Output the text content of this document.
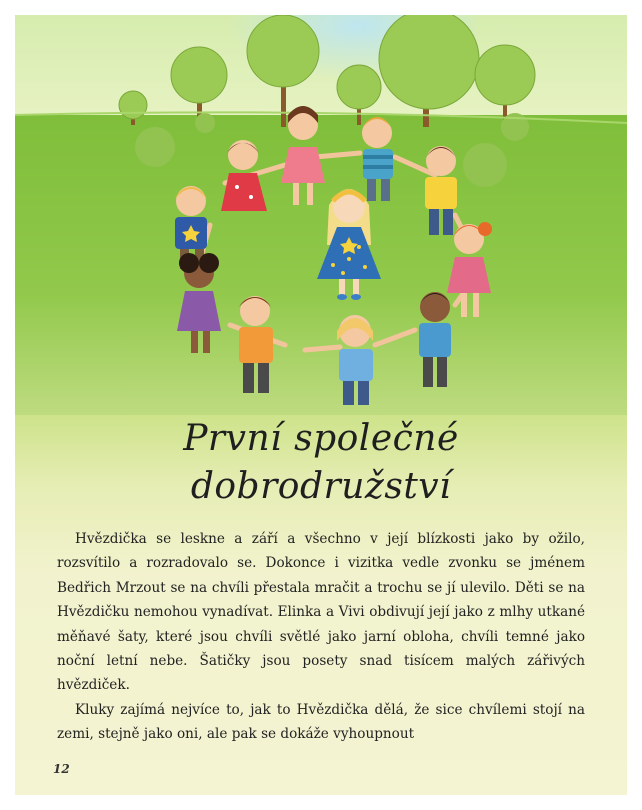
První společné
dobrodružství

Hvězdička se leskne a září a všechno v její blízkosti jako by ožilo, rozsvítilo a rozradovalo se. Dokonce i vizitka vedle zvonku se jménem Bedřich Mrzout se na chvíli přestala mračit a trochu se jí ulevilo. Děti se na Hvězdičku nemohou vynadívat. Elinka a Vivi obdivují její jako z mlhy utkané měňavé šaty, které jsou chvíli světlé jako jarní obloha, chvíli temné jako noční letní nebe. Šatičky jsou posety snad tisícem malých zářivých hvězdiček.

Kluky zajímá nejvíce to, jak to Hvězdička dělá, že sice chvílemi stojí na zemi, stejně jako oni, ale pak se dokáže vyhoupnout

12
